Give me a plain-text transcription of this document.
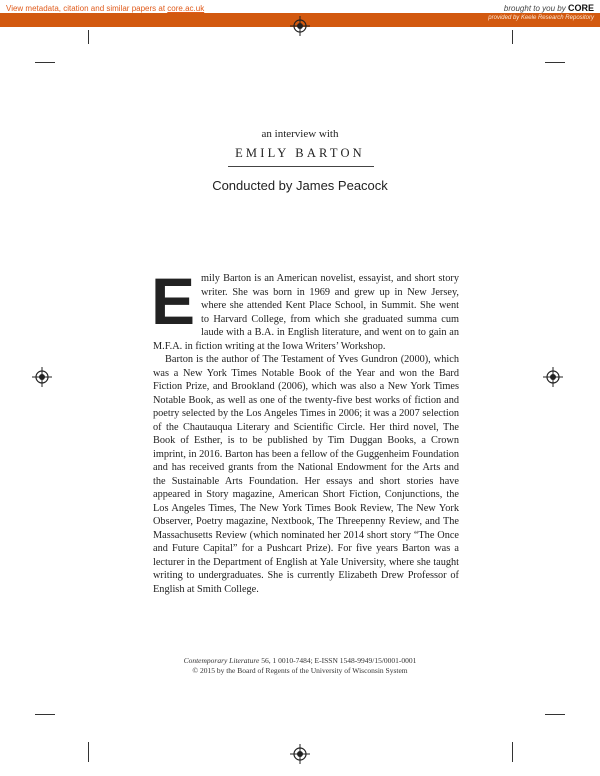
View metadata, citation and similar papers at core.ac.uk	brought to you by CORE
provided by Keele Research Repository
an interview with
EMILY BARTON
Conducted by James Peacock

Emily Barton is an American novelist, essayist, and short story writer. She was born in 1969 and grew up in New Jersey, where she attended Kent Place School, in Summit. She went to Harvard College, from which she graduated summa cum laude with a B.A. in English literature, and went on to gain an M.F.A. in fiction writing at the Iowa Writers’ Workshop.

Barton is the author of The Testament of Yves Gundron (2000), which was a New York Times Notable Book of the Year and won the Bard Fiction Prize, and Brookland (2006), which was also a New York Times Notable Book, as well as one of the twenty-five best works of fiction and poetry selected by the Los Angeles Times in 2006; it was a 2007 selection of the Chautauqua Literary and Scientific Circle. Her third novel, The Book of Esther, is to be published by Tim Duggan Books, a Crown imprint, in 2016. Barton has been a fellow of the Guggenheim Foundation and has received grants from the National Endowment for the Arts and the Sustainable Arts Foundation. Her essays and short stories have appeared in Story magazine, American Short Fiction, Conjunctions, the Los Angeles Times, The New York Times Book Review, The New York Observer, Poetry magazine, Nextbook, The Threepenny Review, and The Massachusetts Review (which nominated her 2014 short story “The Once and Future Capital” for a Pushcart Prize). For five years Barton was a lecturer in the Department of English at Yale University, where she taught writing to undergraduates. She is currently Elizabeth Drew Professor of English at Smith College.

Contemporary Literature 56, 1 0010-7484; E-ISSN 1548-9949/15/0001-0001
© 2015 by the Board of Regents of the University of Wisconsin System
